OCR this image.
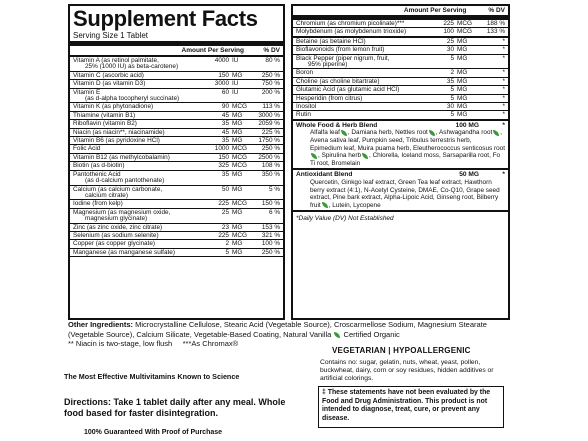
Supplement Facts
Serving Size 1 Tablet
Amount Per Serving	% DV
Vitamin A (as retinol palmitate,	4000 IU	80 %
25% (1000 IU) as beta-carotene)
Vitamin C (ascorbic acid)	150 MG	250 %
Vitamin D (as vitamin D3)	3000 IU	750 %
Vitamin E	60 IU	200 %
(as d-alpha tocopheryl succinate)
Vitamin K (as phytonadione)	90 MCG	113 %
Thiamine (vitamin B1)	45 MG	3000 %
Riboflavin (vitamin B2)	35 MG	2059 %
Niacin (as niacin**, niacinamide)	45 MG	225 %
Vitamin B6 (as pyridoxine HCl)	35 MG	1750 %
Folic Acid	1000 MCG	250 %
Vitamin B12 (as methylcobalamin)	150 MCG	2500 %
Biotin (as d-biotin)	325 MCG	108 %
Pantothenic Acid	35 MG	350 %
(as d-calcium pantothenate)
Calcium (as calcium carbonate,	50 MG	5 %
calcium citrate)
Iodine (from kelp)	225 MCG	150 %
Magnesium (as magnesium oxide,	25 MG	6 %
magnesium glycinate)
Zinc (as zinc oxide, zinc citrate)	23 MG	153 %
Selenium (as sodium selenite)	225 MCG	321 %
Copper (as copper glycinate)	2 MG	100 %
Manganese (as manganese sulfate)	5 MG	250 %
Amount Per Serving	% DV
Chromium (as chromium picolinate)***	225 MCG	188 %
Molybdenum (as molybdenum trioxide)	100 MCG	133 %
Betaine (as betaine HCl)	25 MG	*
Bioflavonoids (from lemon fruit)	30 MG	*
Black Pepper (piper nigrum, fruit,	5 MG	*
95% piperine)
Boron	2 MG	*
Choline (as choline bitartrate)	35 MG	*
Glutamic Acid (as glutamic acid HCl)	5 MG	*
Hesperidin (from citrus)	5 MG	*
Inositol	30 MG	*
Rutin	5 MG	*
Whole Food & Herb Blend	100 MG	*
Alfalfa leaf , Damiana herb, Nettles root , Ashwagandha root , Avena sativa leaf, Pumpkin seed, Tribulus terrestris herb, Epimedium leaf, Muira puama herb, Eleutherococcus senticosus root, Spirulina herb , Chlorella, Iceland moss, Sarsaparilla root, Fo Ti root, Bromelain
Antioxidant Blend	50 MG	*
Quercetin, Ginkgo leaf extract, Green Tea leaf extract, Hawthorn berry extract (4:1), N-Acetyl Cysteine, DMAE, Co-Q10, Grape seed extract, Pine bark extract, Alpha-Lipoic Acid, Ginseng root, Bilberry fruit , Lutein, Lycopene
*Daily Value (DV) Not Established
Other Ingredients: Microcrystalline Cellulose, Stearic Acid (Vegetable Source), Croscarmellose Sodium, Magnesium Stearate (Vegetable Source), Calcium Silicate, Vegetable-Based Coating, Natural Vanilla Certified Organic
** Niacin is two-stage, low flush ***As Chromax®
VEGETARIAN | HYPOALLERGENIC
Contains no: sugar, gelatin, nuts, wheat, yeast, pollen, buckwheat, dairy, corn or soy residues, hidden additives or artificial colorings.
‡ These statements have not been evaluated by the Food and Drug Administration. This product is not intended to diagnose, treat, cure, or prevent any disease.
The Most Effective Multivitamins Known to Science
Directions: Take 1 tablet daily after any meal. Whole food based for faster disintegration.
100% Guaranteed With Proof of Purchase
